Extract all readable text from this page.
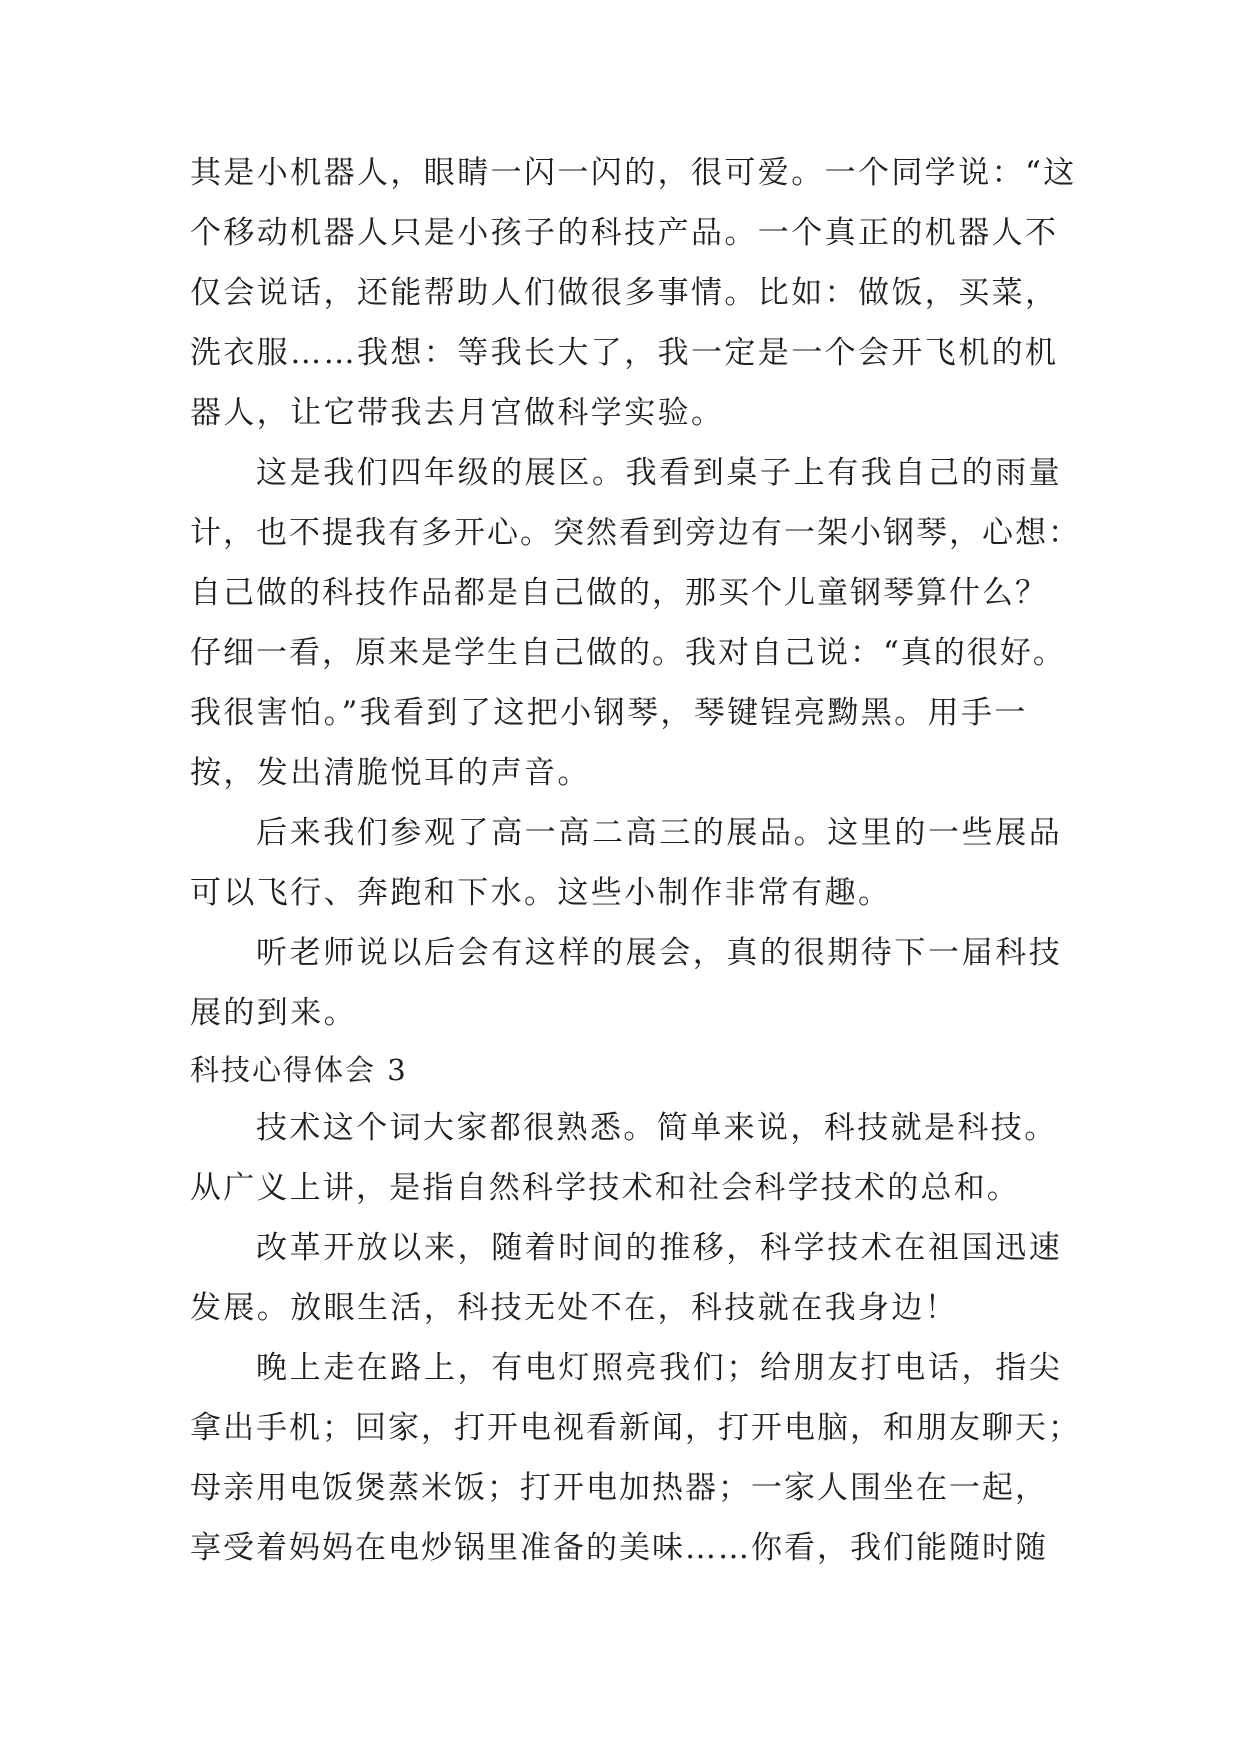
其是小机器人，眼睛一闪一闪的，很可爱。一个同学说：“这
个移动机器人只是小孩子的科技产品。一个真正的机器人不
仅会说话，还能帮助人们做很多事情。比如：做饭，买菜，
洗衣服……我想：等我长大了，我一定是一个会开飞机的机
器人，让它带我去月宫做科学实验。
这是我们四年级的展区。我看到桌子上有我自己的雨量
计，也不提我有多开心。突然看到旁边有一架小钢琴，心想：
自己做的科技作品都是自己做的，那买个儿童钢琴算什么？
仔细一看，原来是学生自己做的。我对自己说：“真的很好。
我很害怕。”我看到了这把小钢琴，琴键锃亮黝黑。用手一
按，发出清脆悦耳的声音。
后来我们参观了高一高二高三的展品。这里的一些展品
可以飞行、奔跑和下水。这些小制作非常有趣。
听老师说以后会有这样的展会，真的很期待下一届科技
展的到来。
科技心得体会 3
技术这个词大家都很熟悉。简单来说，科技就是科技。
从广义上讲，是指自然科学技术和社会科学技术的总和。
改革开放以来，随着时间的推移，科学技术在祖国迅速
发展。放眼生活，科技无处不在，科技就在我身边！
晚上走在路上，有电灯照亮我们；给朋友打电话，指尖
拿出手机；回家，打开电视看新闻，打开电脑，和朋友聊天；
母亲用电饭煲蒸米饭；打开电加热器；一家人围坐在一起，
享受着妈妈在电炒锅里准备的美味……你看，我们能随时随
